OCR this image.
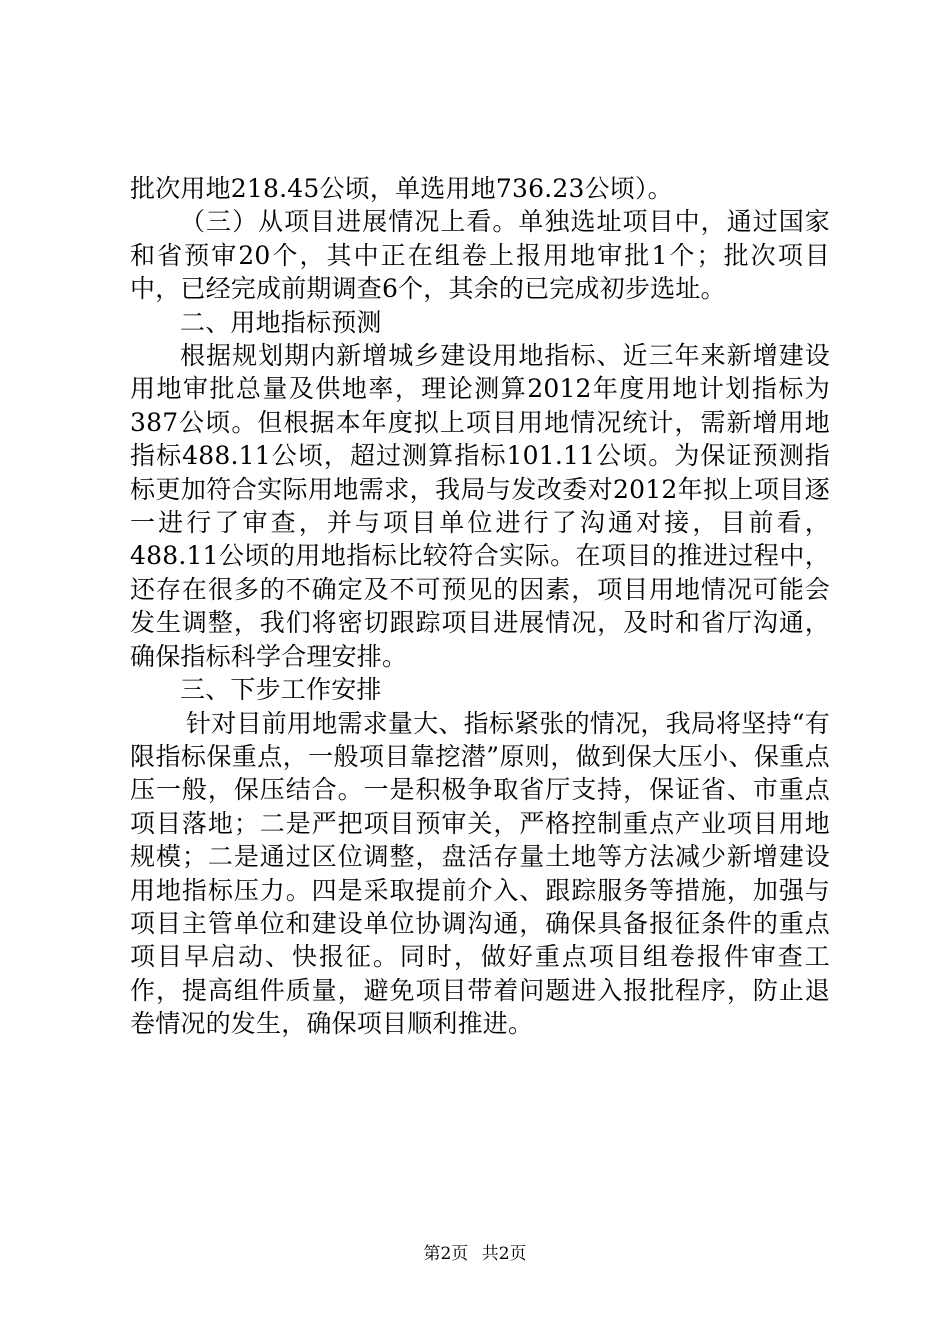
批次用地218.45公顷，单选用地736.23公顷）。

（三）从项目进展情况上看。单独选址项目中，通过国家和省预审20个，其中正在组卷上报用地审批1个；批次项目中，已经完成前期调查6个，其余的已完成初步选址。

二、用地指标预测

根据规划期内新增城乡建设用地指标、近三年来新增建设用地审批总量及供地率，理论测算2012年度用地计划指标为387公顷。但根据本年度拟上项目用地情况统计，需新增用地指标488.11公顷，超过测算指标101.11公顷。为保证预测指标更加符合实际用地需求，我局与发改委对2012年拟上项目逐一进行了审查，并与项目单位进行了沟通对接，目前看，488.11公顷的用地指标比较符合实际。在项目的推进过程中，还存在很多的不确定及不可预见的因素，项目用地情况可能会发生调整，我们将密切跟踪项目进展情况，及时和省厅沟通，确保指标科学合理安排。

三、下步工作安排

针对目前用地需求量大、指标紧张的情况，我局将坚持“有限指标保重点，一般项目靠挖潜”原则，做到保大压小、保重点压一般，保压结合。一是积极争取省厅支持，保证省、市重点项目落地；二是严把项目预审关，严格控制重点产业项目用地规模；二是通过区位调整，盘活存量土地等方法减少新增建设用地指标压力。四是采取提前介入、跟踪服务等措施，加强与项目主管单位和建设单位协调沟通，确保具备报征条件的重点项目早启动、快报征。同时，做好重点项目组卷报件审查工作，提高组件质量，避免项目带着问题进入报批程序，防止退卷情况的发生，确保项目顺利推进。

第2页 共2页
